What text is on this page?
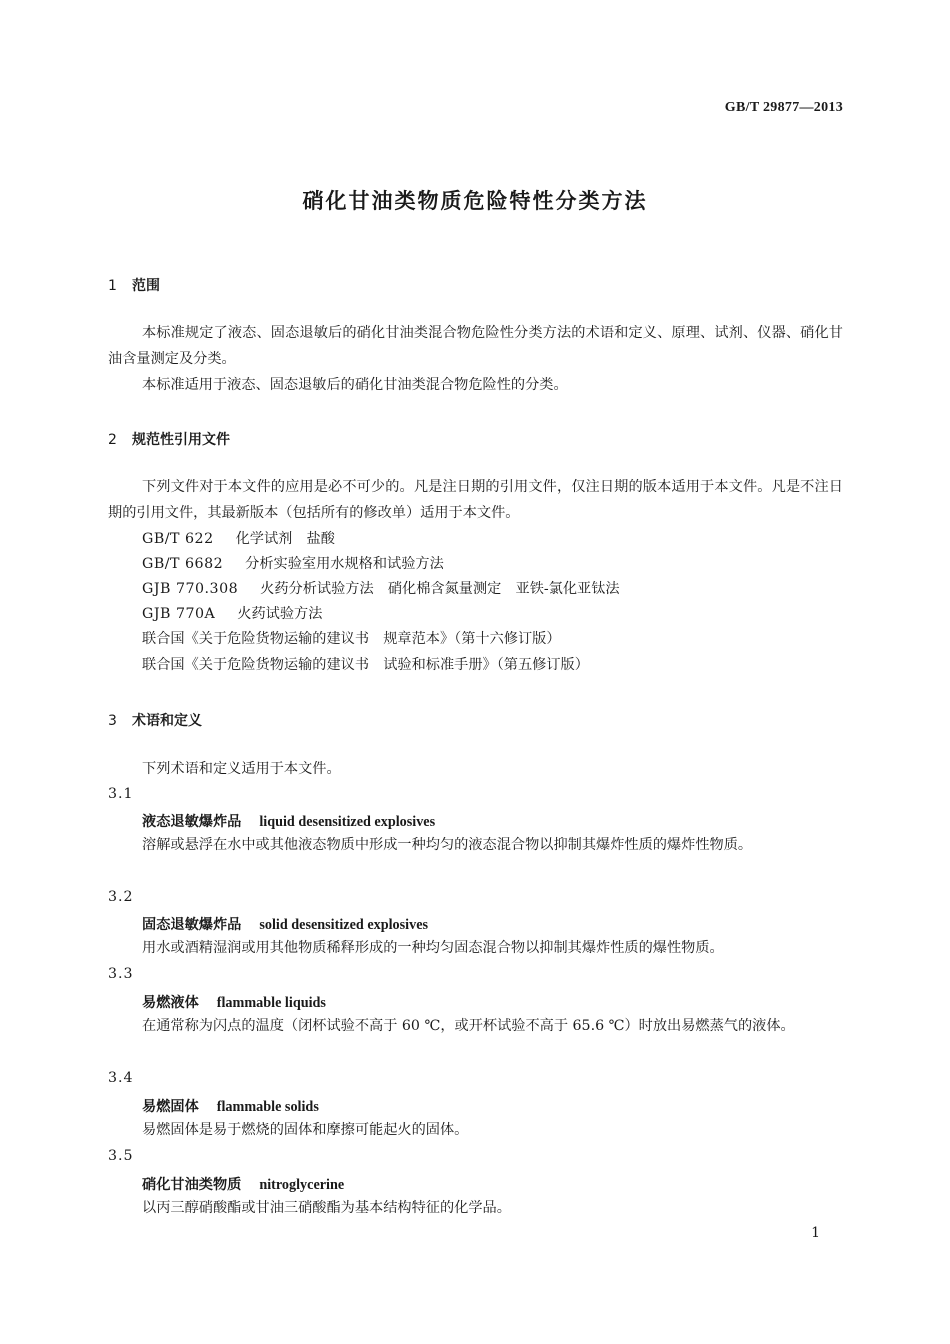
GB/T 29877—2013
硝化甘油类物质危险特性分类方法
1 范围
本标准规定了液态、固态退敏后的硝化甘油类混合物危险性分类方法的术语和定义、原理、试剂、仪器、硝化甘油含量测定及分类。
本标准适用于液态、固态退敏后的硝化甘油类混合物危险性的分类。
2 规范性引用文件
下列文件对于本文件的应用是必不可少的。凡是注日期的引用文件，仅注日期的版本适用于本文件。凡是不注日期的引用文件，其最新版本（包括所有的修改单）适用于本文件。
GB/T 622 化学试剂　盐酸
GB/T 6682 分析实验室用水规格和试验方法
GJB 770.308 火药分析试验方法　硝化棉含氮量测定　亚铁-氯化亚钛法
GJB 770A 火药试验方法
联合国《关于危险货物运输的建议书　规章范本》（第十六修订版）
联合国《关于危险货物运输的建议书　试验和标准手册》（第五修订版）
3 术语和定义
下列术语和定义适用于本文件。
3.1
液态退敏爆炸品 liquid desensitized explosives
溶解或悬浮在水中或其他液态物质中形成一种均匀的液态混合物以抑制其爆炸性质的爆炸性物质。
3.2
固态退敏爆炸品 solid desensitized explosives
用水或酒精湿润或用其他物质稀释形成的一种均匀固态混合物以抑制其爆炸性质的爆性物质。
3.3
易燃液体 flammable liquids
在通常称为闪点的温度（闭杯试验不高于 60 ℃，或开杯试验不高于 65.6 ℃）时放出易燃蒸气的液体。
3.4
易燃固体 flammable solids
易燃固体是易于燃烧的固体和摩擦可能起火的固体。
3.5
硝化甘油类物质 nitroglycerine
以丙三醇硝酸酯或甘油三硝酸酯为基本结构特征的化学品。
1
